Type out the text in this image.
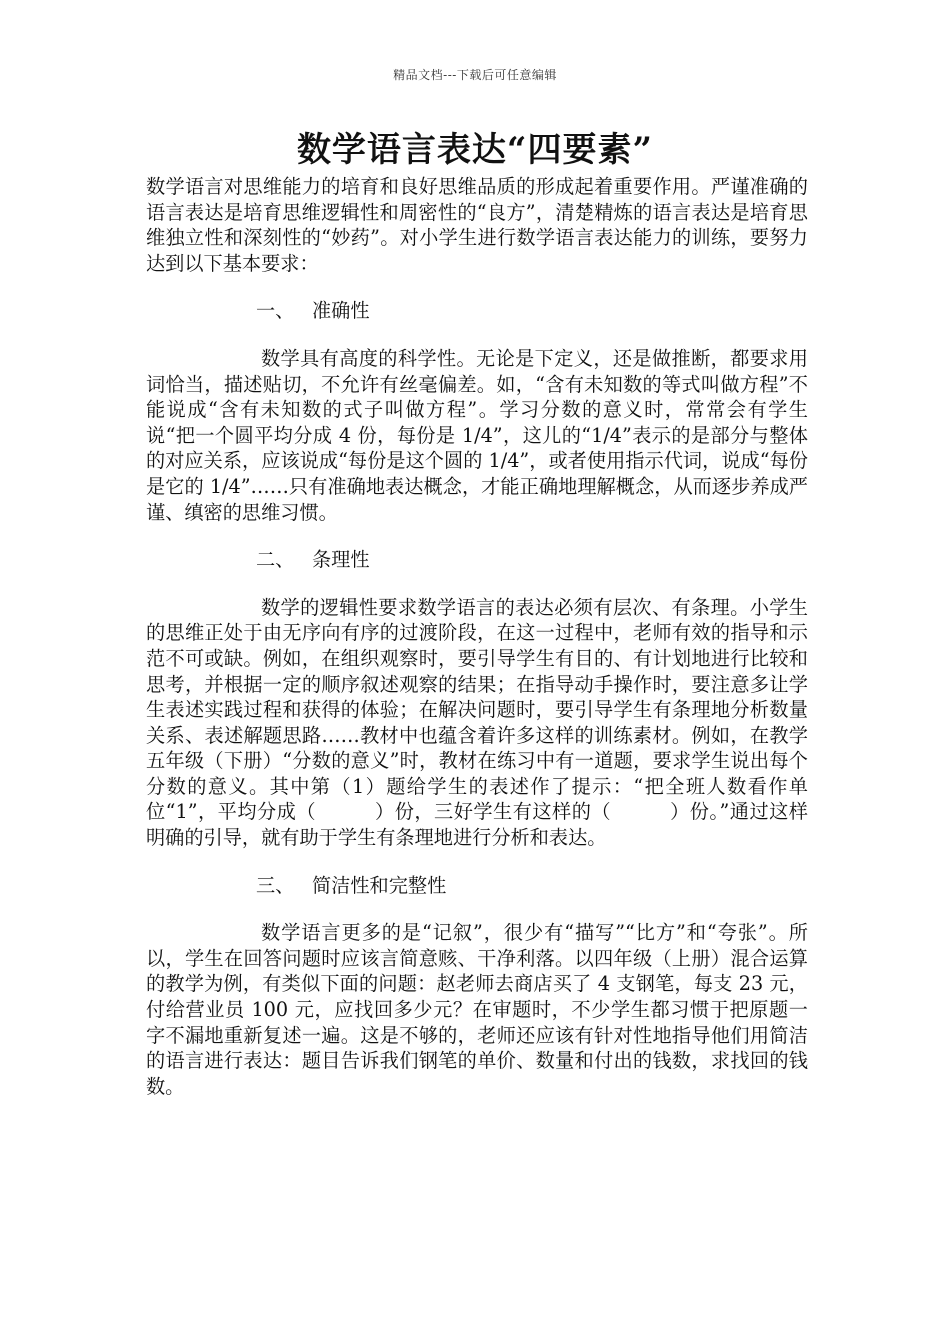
精品文档---下载后可任意编辑
数学语言表达“四要素”

数学语言对思维能力的培育和良好思维品质的形成起着重要作用。严谨准确的语言表达是培育思维逻辑性和周密性的“良方”，清楚精炼的语言表达是培育思维独立性和深刻性的“妙药”。对小学生进行数学语言表达能力的训练，要努力达到以下基本要求：

一、 准确性

数学具有高度的科学性。无论是下定义，还是做推断，都要求用词恰当，描述贴切，不允许有丝毫偏差。如，“含有未知数的等式叫做方程”不能说成“含有未知数的式子叫做方程”。学习分数的意义时，常常会有学生说“把一个圆平均分成 4 份，每份是 1/4”，这儿的“1/4”表示的是部分与整体的对应关系，应该说成“每份是这个圆的 1/4”，或者使用指示代词，说成“每份是它的 1/4”……只有准确地表达概念，才能正确地理解概念，从而逐步养成严谨、缜密的思维习惯。

二、 条理性

数学的逻辑性要求数学语言的表达必须有层次、有条理。小学生的思维正处于由无序向有序的过渡阶段，在这一过程中，老师有效的指导和示范不可或缺。例如，在组织观察时，要引导学生有目的、有计划地进行比较和思考，并根据一定的顺序叙述观察的结果；在指导动手操作时，要注意多让学生表述实践过程和获得的体验；在解决问题时，要引导学生有条理地分析数量关系、表述解题思路……教材中也蕴含着许多这样的训练素材。例如，在教学五年级（下册）“分数的意义”时，教材在练习中有一道题，要求学生说出每个分数的意义。其中第（1）题给学生的表述作了提示：“把全班人数看作单位“1”，平均分成（　　　）份，三好学生有这样的（　　　）份。”通过这样明确的引导，就有助于学生有条理地进行分析和表达。

三、 简洁性和完整性

数学语言更多的是“记叙”，很少有“描写”“比方”和“夸张”。所以，学生在回答问题时应该言简意赅、干净利落。以四年级（上册）混合运算的教学为例，有类似下面的问题：赵老师去商店买了 4 支钢笔，每支 23 元，付给营业员 100 元，应找回多少元？在审题时，不少学生都习惯于把原题一字不漏地重新复述一遍。这是不够的，老师还应该有针对性地指导他们用简洁的语言进行表达：题目告诉我们钢笔的单价、数量和付出的钱数，求找回的钱数。
